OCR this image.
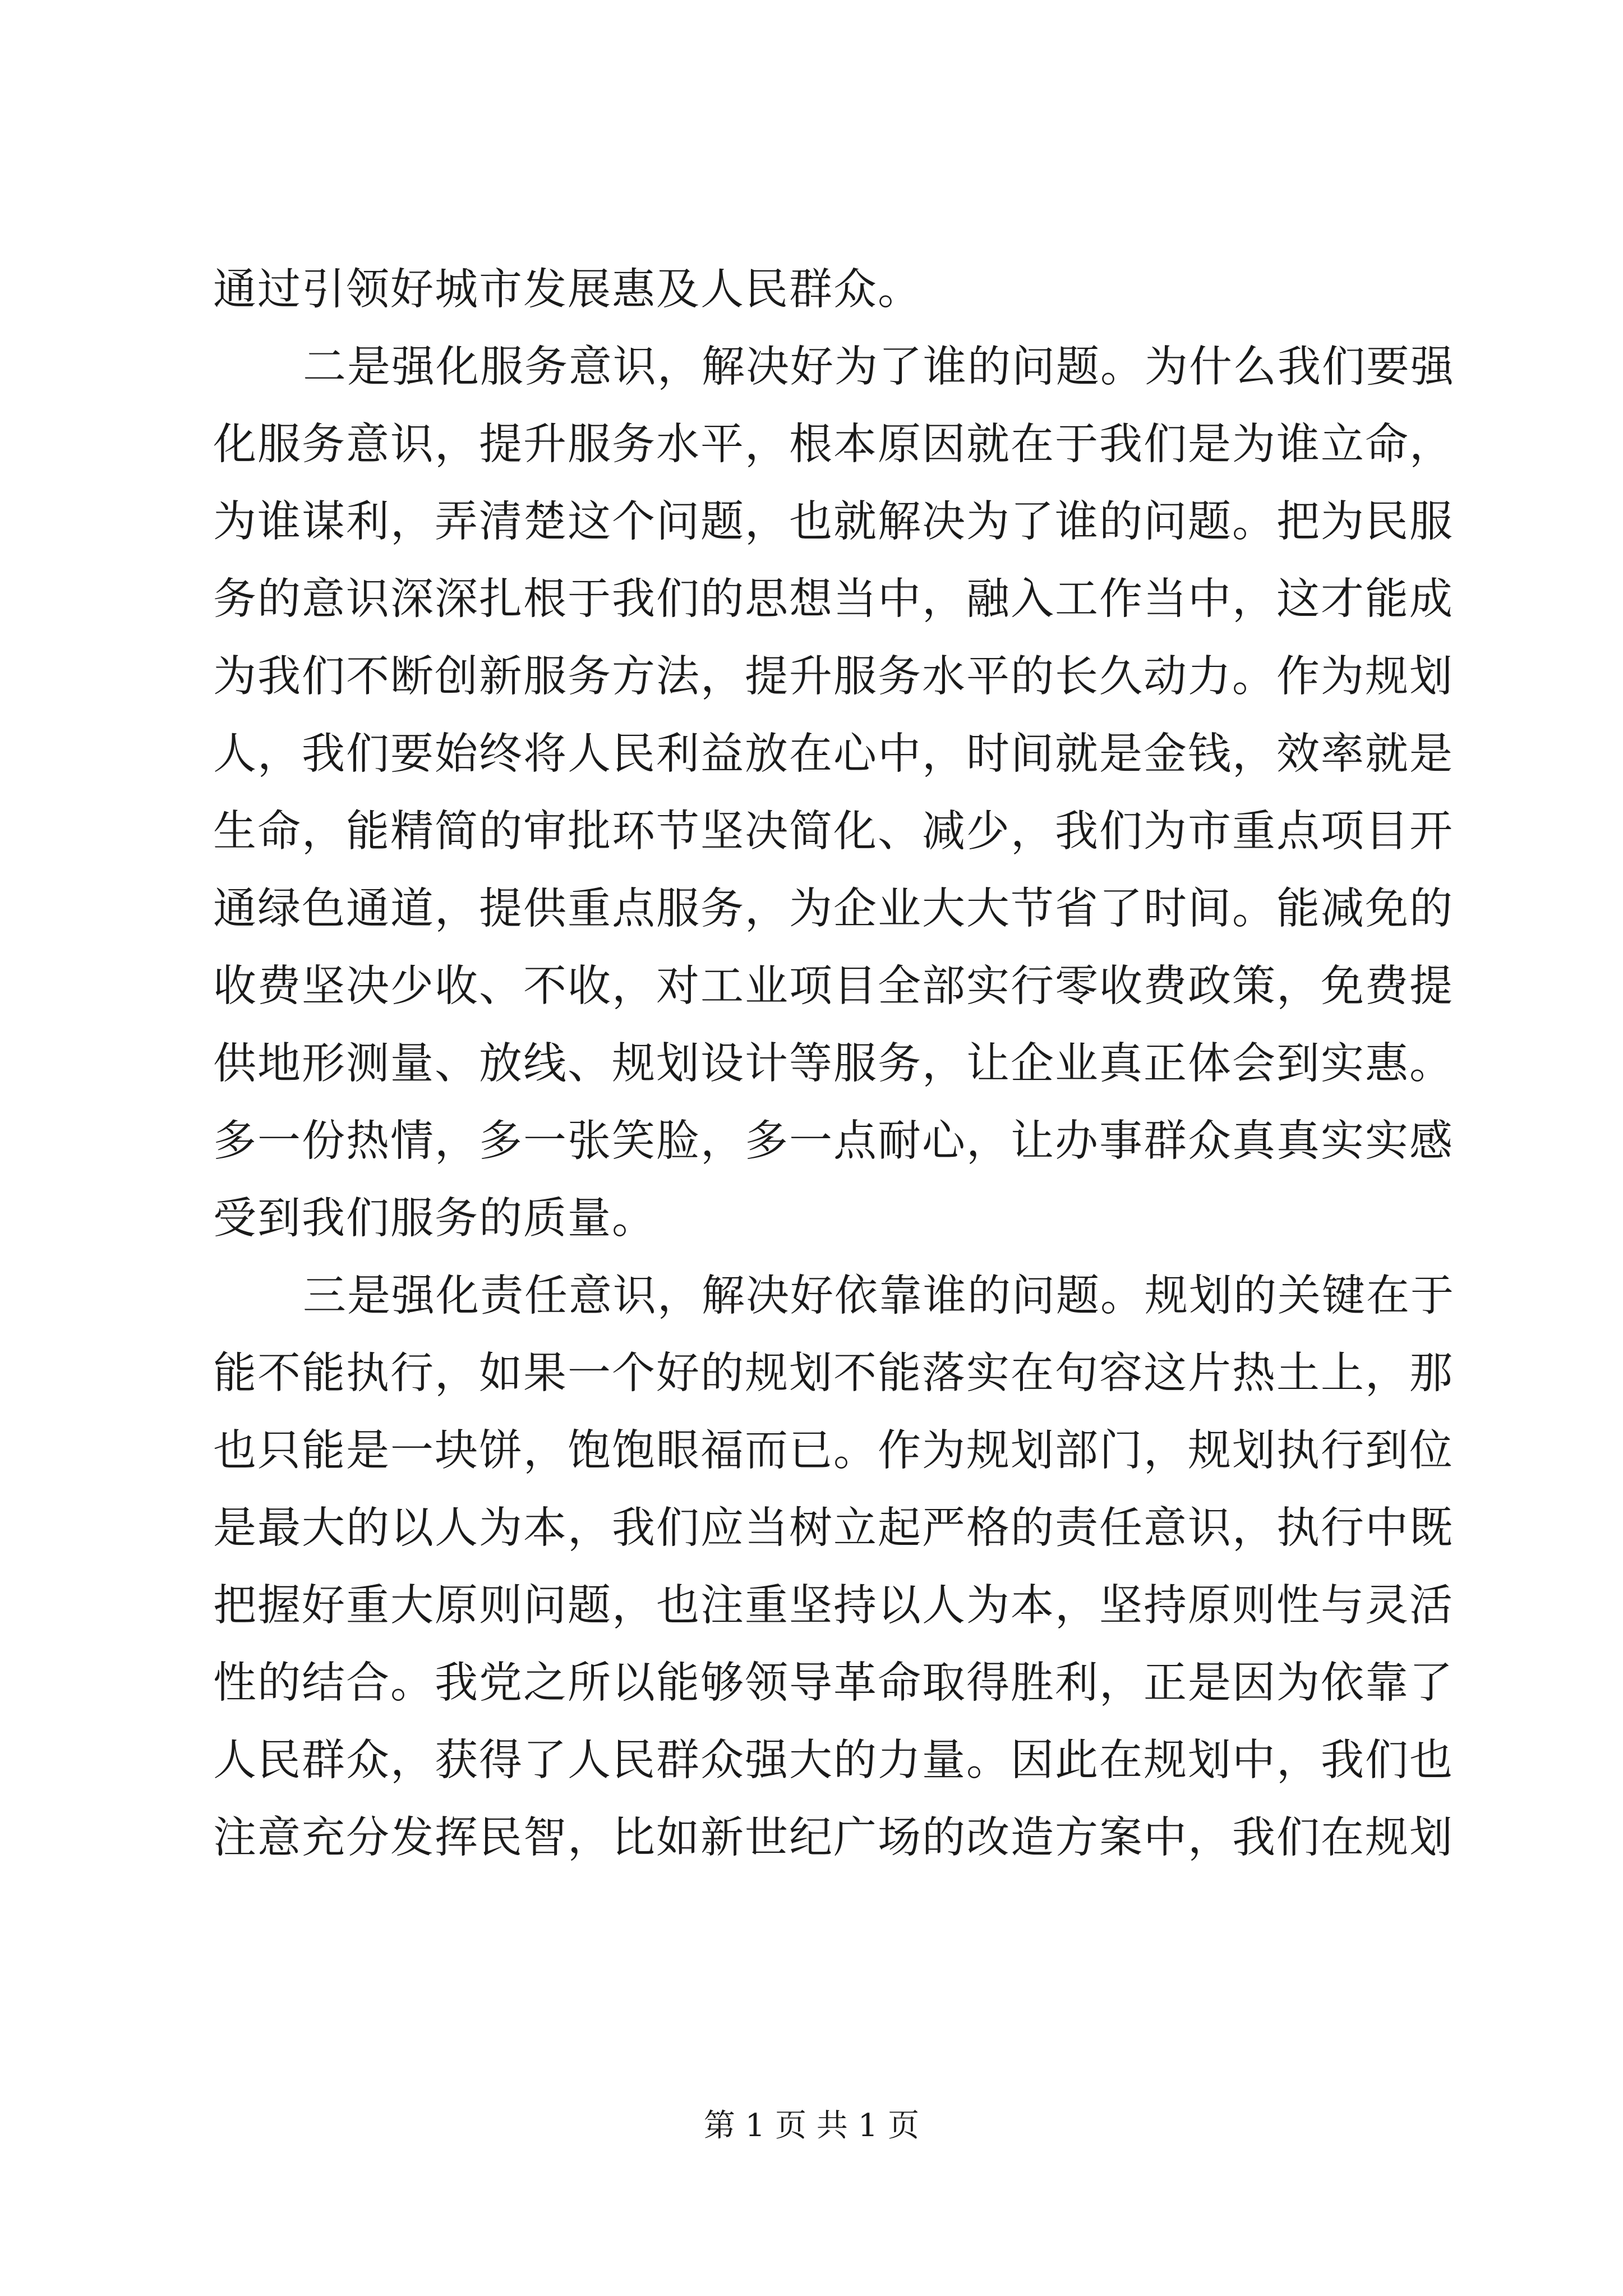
通过引领好城市发展惠及人民群众。
二是强化服务意识，解决好为了谁的问题。为什么我们要强
化服务意识，提升服务水平，根本原因就在于我们是为谁立命，
为谁谋利，弄清楚这个问题，也就解决为了谁的问题。把为民服
务的意识深深扎根于我们的思想当中，融入工作当中，这才能成
为我们不断创新服务方法，提升服务水平的长久动力。作为规划
人，我们要始终将人民利益放在心中，时间就是金钱，效率就是
生命，能精简的审批环节坚决简化、减少，我们为市重点项目开
通绿色通道，提供重点服务，为企业大大节省了时间。能减免的
收费坚决少收、不收，对工业项目全部实行零收费政策，免费提
供地形测量、放线、规划设计等服务，让企业真正体会到实惠。
多一份热情，多一张笑脸，多一点耐心，让办事群众真真实实感
受到我们服务的质量。
三是强化责任意识，解决好依靠谁的问题。规划的关键在于
能不能执行，如果一个好的规划不能落实在句容这片热土上，那
也只能是一块饼，饱饱眼福而已。作为规划部门，规划执行到位
是最大的以人为本，我们应当树立起严格的责任意识，执行中既
把握好重大原则问题，也注重坚持以人为本，坚持原则性与灵活
性的结合。我党之所以能够领导革命取得胜利，正是因为依靠了
人民群众，获得了人民群众强大的力量。因此在规划中，我们也
注意充分发挥民智，比如新世纪广场的改造方案中，我们在规划
第 1 页 共 1 页
